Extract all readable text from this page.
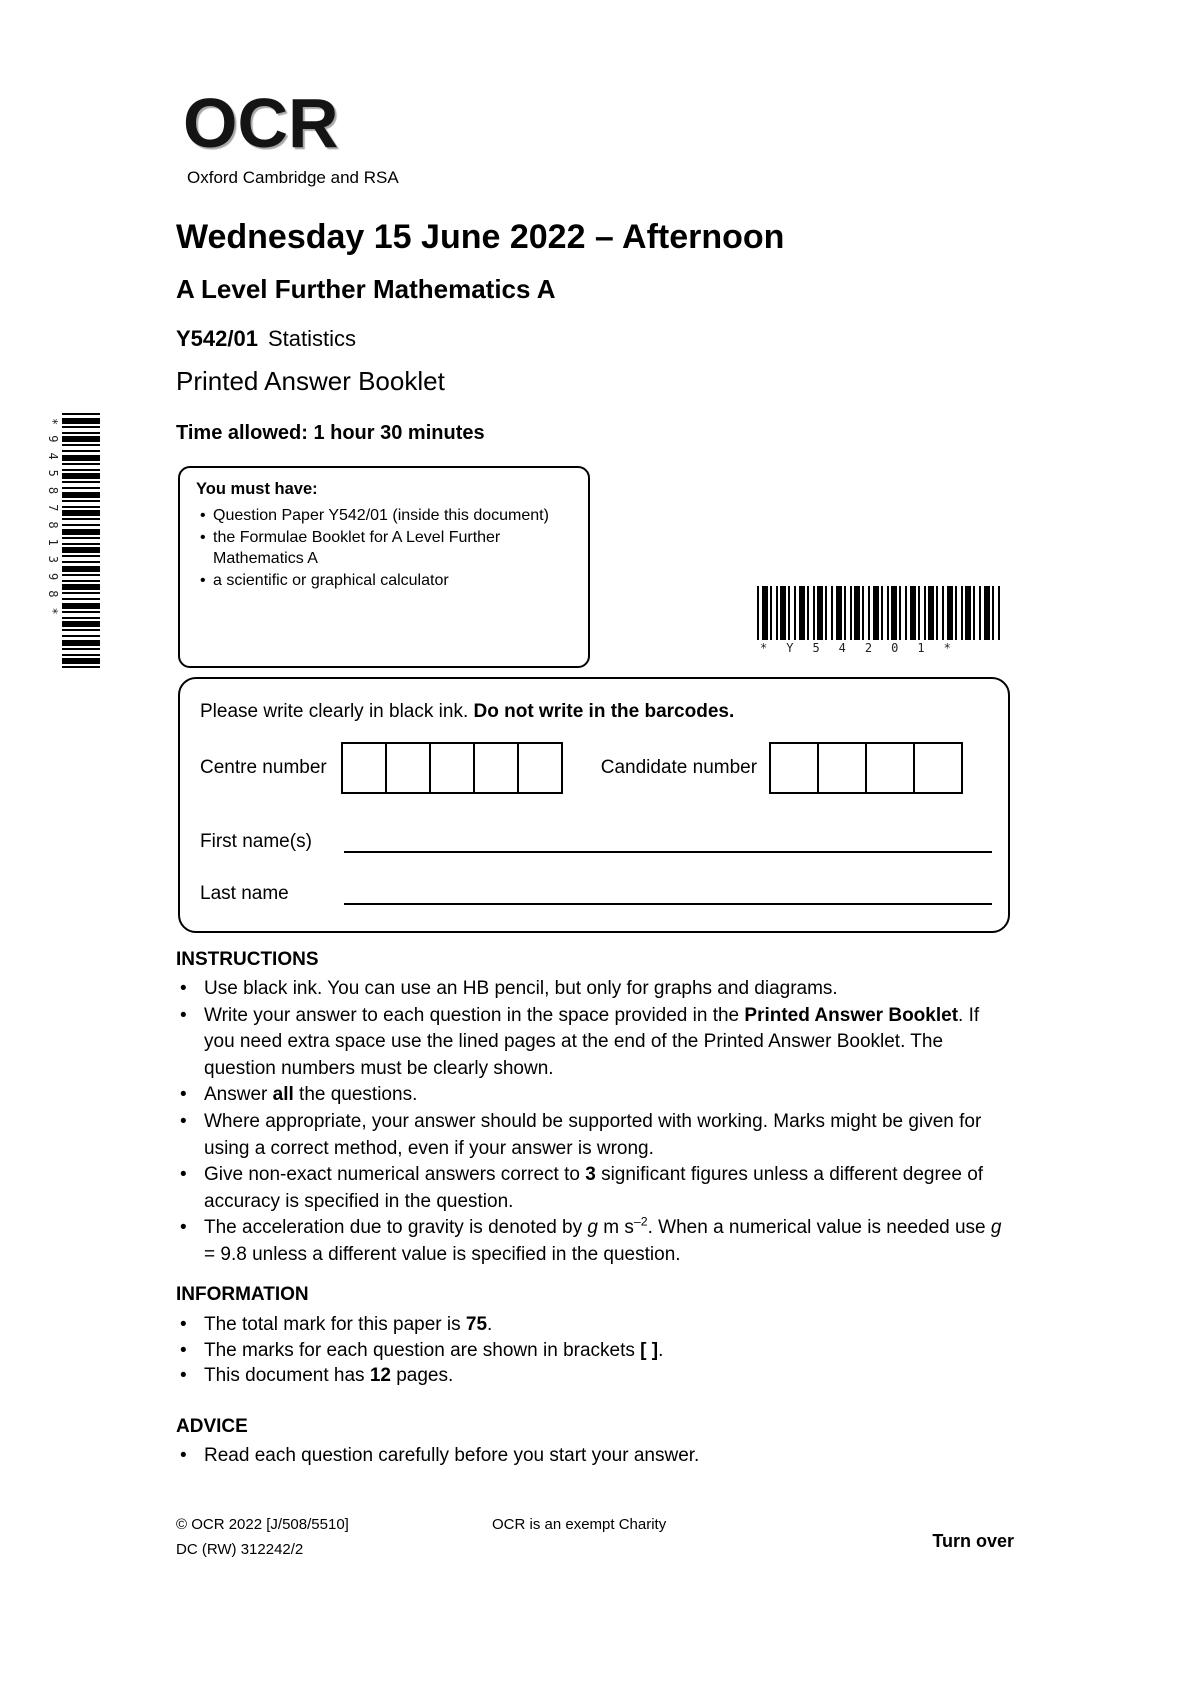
*9458781398*
OCR
Oxford Cambridge and RSA
Wednesday 15 June 2022 – Afternoon
A Level Further Mathematics A
Y542/01 Statistics
Printed Answer Booklet
Time allowed: 1 hour 30 minutes
You must have:
• Question Paper Y542/01 (inside this document)
• the Formulae Booklet for A Level Further Mathematics A
• a scientific or graphical calculator
*Y54201*
Please write clearly in black ink. Do not write in the barcodes.
Centre number	Candidate number
First name(s)
Last name
INSTRUCTIONS
• Use black ink. You can use an HB pencil, but only for graphs and diagrams.
• Write your answer to each question in the space provided in the Printed Answer Booklet. If you need extra space use the lined pages at the end of the Printed Answer Booklet. The question numbers must be clearly shown.
• Answer all the questions.
• Where appropriate, your answer should be supported with working. Marks might be given for using a correct method, even if your answer is wrong.
• Give non-exact numerical answers correct to 3 significant figures unless a different degree of accuracy is specified in the question.
• The acceleration due to gravity is denoted by g m $s^{-2}$. When a numerical value is needed use g = 9.8 unless a different value is specified in the question.
INFORMATION
• The total mark for this paper is 75.
• The marks for each question are shown in brackets [ ].
• This document has 12 pages.
ADVICE
• Read each question carefully before you start your answer.
© OCR 2022 [J/508/5510]
DC (RW) 312242/2
OCR is an exempt Charity
Turn over
